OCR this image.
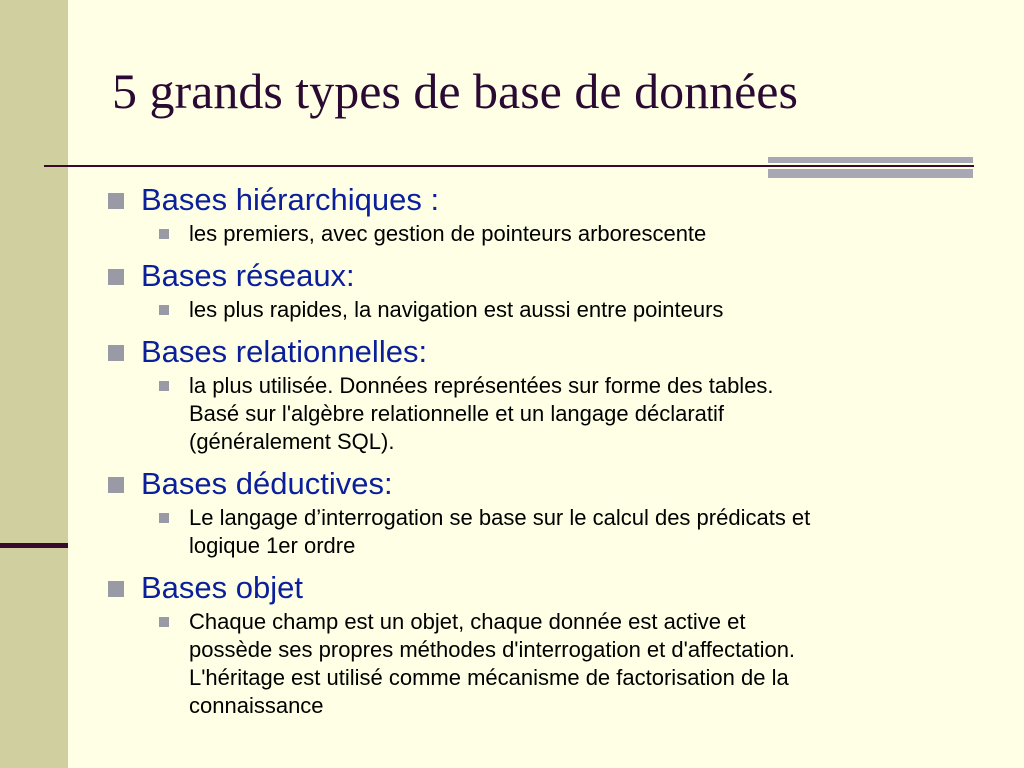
5 grands types de base de données
Bases hiérarchiques :
les premiers, avec gestion de pointeurs arborescente
Bases réseaux:
les plus rapides, la navigation est aussi entre pointeurs
Bases relationnelles:
la plus utilisée. Données représentées sur forme des tables.
Basé sur l'algèbre relationnelle et un langage déclaratif
(généralement SQL).
Bases déductives:
Le langage d’interrogation se base sur le calcul des prédicats et
logique 1er ordre
Bases objet
Chaque champ est un objet, chaque donnée est active et
possède ses propres méthodes d'interrogation et d'affectation.
L'héritage est utilisé comme mécanisme de factorisation de la
connaissance
